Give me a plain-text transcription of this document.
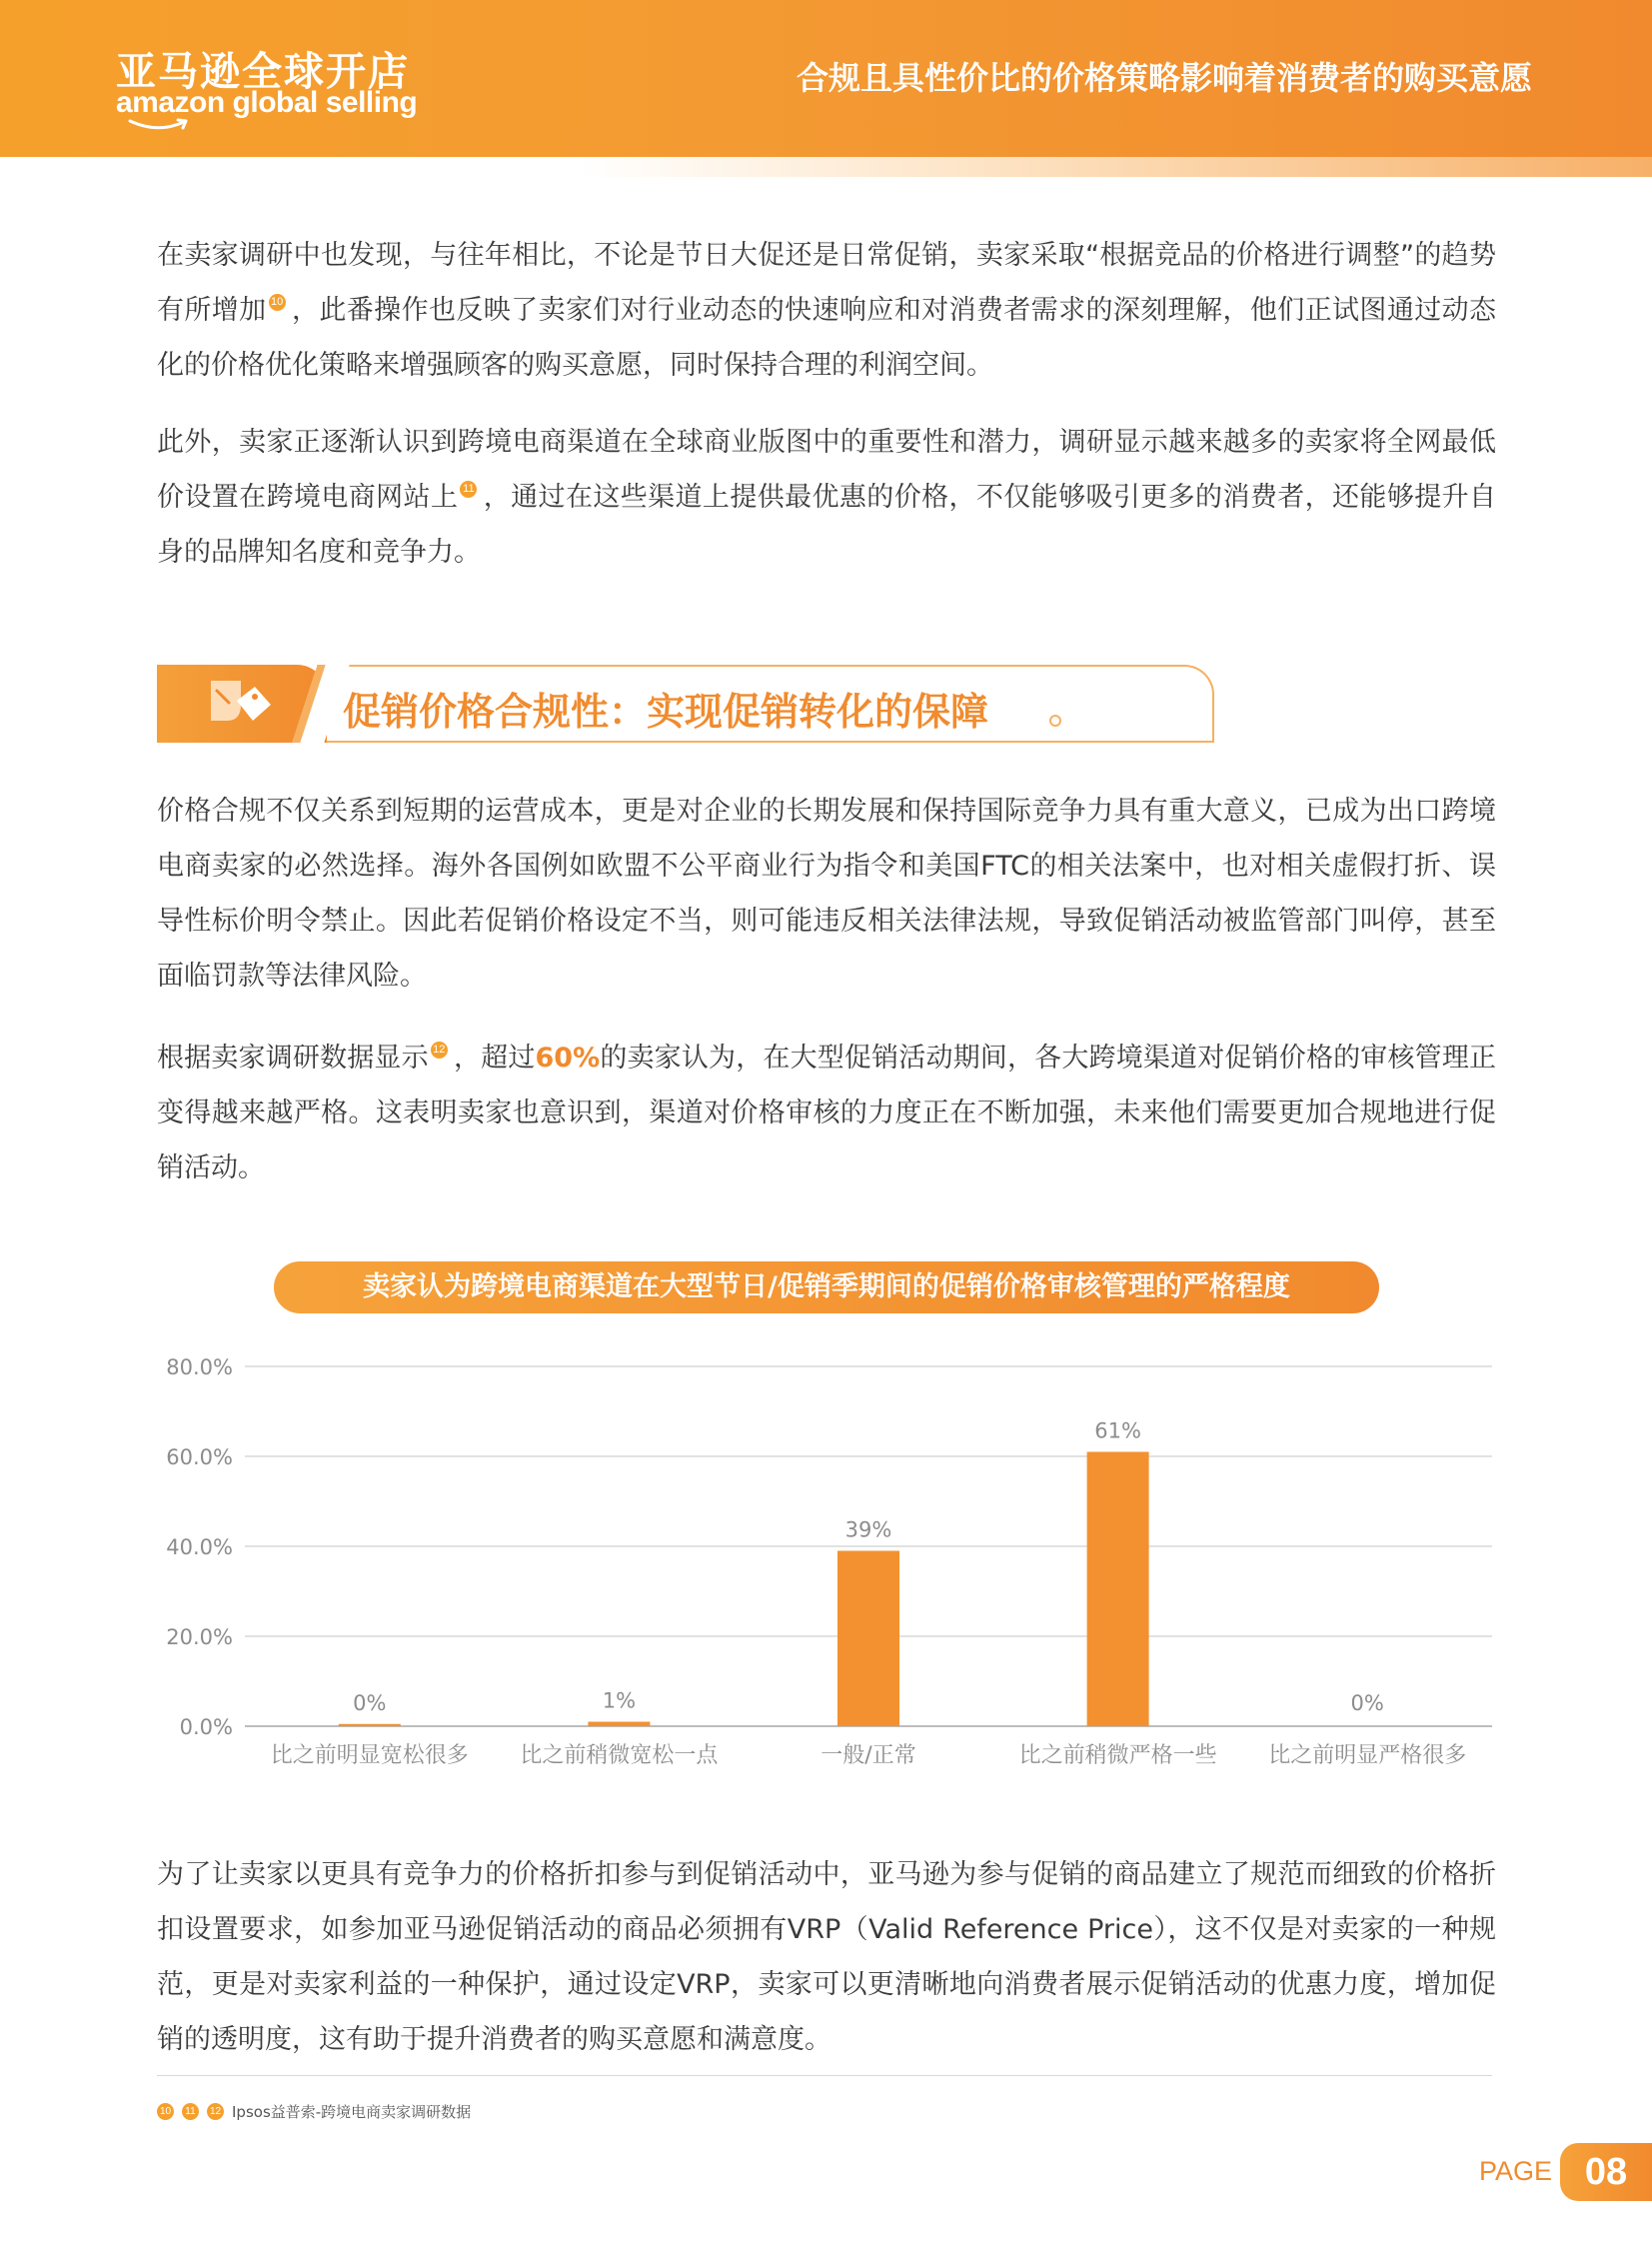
亚马逊全球开店
amazon global selling
合规且具性价比的价格策略影响着消费者的购买意愿
在卖家调研中也发现，与往年相比，不论是节日大促还是日常促销，卖家采取“根据竞品的价格进行调整”的趋势有所增加 10 ，此番操作也反映了卖家们对行业动态的快速响应和对消费者需求的深刻理解，他们正试图通过动态化的价格优化策略来增强顾客的购买意愿，同时保持合理的利润空间。
此外，卖家正逐渐认识到跨境电商渠道在全球商业版图中的重要性和潜力，调研显示越来越多的卖家将全网最低价设置在跨境电商网站上 11 ，通过在这些渠道上提供最优惠的价格，不仅能够吸引更多的消费者，还能够提升自身的品牌知名度和竞争力。
促销价格合规性：实现促销转化的保障
价格合规不仅关系到短期的运营成本，更是对企业的长期发展和保持国际竞争力具有重大意义，已成为出口跨境电商卖家的必然选择。海外各国例如欧盟不公平商业行为指令和美国FTC的相关法案中，也对相关虚假打折、误导性标价明令禁止。因此若促销价格设定不当，则可能违反相关法律法规，导致促销活动被监管部门叫停，甚至面临罚款等法律风险。
根据卖家调研数据显示 12 ，超过60%的卖家认为，在大型促销活动期间，各大跨境渠道对促销价格的审核管理正变得越来越严格。这表明卖家也意识到，渠道对价格审核的力度正在不断加强，未来他们需要更加合规地进行促销活动。
卖家认为跨境电商渠道在大型节日/促销季期间的促销价格审核管理的严格程度
0.0%
20.0%
40.0%
60.0%
80.0%
0%
比之前明显宽松很多
1%
比之前稍微宽松一点
39%
一般/正常
61%
比之前稍微严格一些
0%
比之前明显严格很多
为了让卖家以更具有竞争力的价格折扣参与到促销活动中，亚马逊为参与促销的商品建立了规范而细致的价格折扣设置要求，如参加亚马逊促销活动的商品必须拥有VRP（Valid Reference Price），这不仅是对卖家的一种规范，更是对卖家利益的一种保护，通过设定VRP，卖家可以更清晰地向消费者展示促销活动的优惠力度，增加促销的透明度，这有助于提升消费者的购买意愿和满意度。
10 11 12 Ipsos益普索-跨境电商卖家调研数据
PAGE 08
